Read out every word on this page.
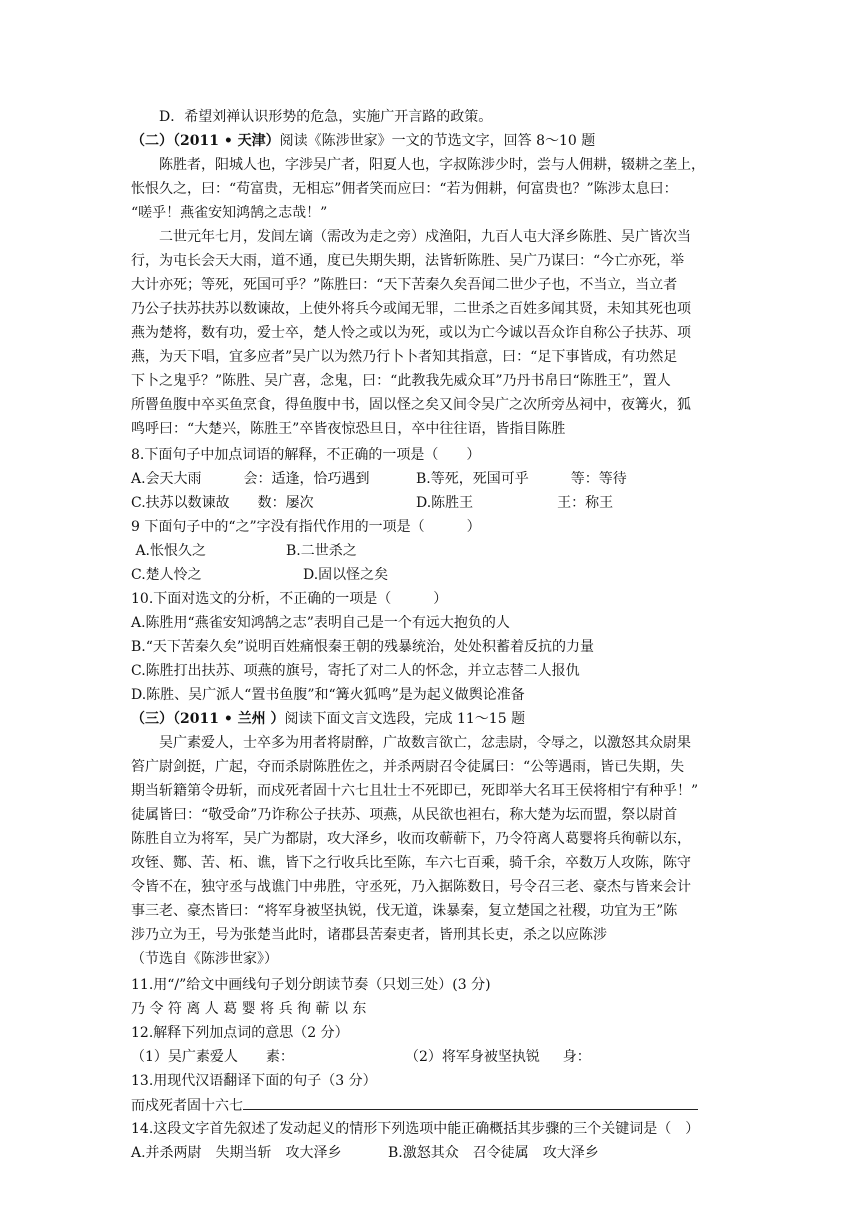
D．希望刘禅认识形势的危急，实施广开言路的政策。
（二）（2011 • 天津）阅读《陈涉世家》一文的节选文字，回答 8～10 题
陈胜者，阳城人也，字涉吴广者，阳夏人也，字叔陈涉少时，尝与人佣耕，辍耕之垄上，
怅恨久之，曰：“苟富贵，无相忘”佣者笑而应曰：“若为佣耕，何富贵也？”陈涉太息曰：
“嗟乎！燕雀安知鸿鹄之志哉！”
二世元年七月，发闾左谪（需改为走之旁）戍渔阳，九百人屯大泽乡陈胜、吴广皆次当
行，为屯长会天大雨，道不通，度已失期失期，法皆斩陈胜、吴广乃谋曰：“今亡亦死，举
大计亦死；等死，死国可乎？”陈胜曰：“天下苦秦久矣吾闻二世少子也，不当立，当立者
乃公子扶苏扶苏以数谏故，上使外将兵今或闻无罪，二世杀之百姓多闻其贤，未知其死也项
燕为楚将，数有功，爱士卒，楚人怜之或以为死，或以为亡今诚以吾众诈自称公子扶苏、项
燕，为天下唱，宜多应者”吴广以为然乃行卜卜者知其指意，曰：“足下事皆成，有功然足
下卜之鬼乎？”陈胜、吴广喜，念鬼，曰：“此教我先威众耳”乃丹书帛曰“陈胜王”，置人
所罾鱼腹中卒买鱼烹食，得鱼腹中书，固以怪之矣又间令吴广之次所旁丛祠中，夜篝火，狐
鸣呼曰：“大楚兴，陈胜王”卒皆夜惊恐旦日，卒中往往语，皆指目陈胜
8.下面句子中加点词语的解释，不正确的一项是（　　）
A.会天大雨　　　会：适逢，恰巧遇到	B.等死，死国可乎　　　等：等待
C.扶苏以数谏故　　数：屡次	D.陈胜王　　　　　　王：称王
9 下面句子中的“之”字没有指代作用的一项是（　　　）
A.怅恨久之	B.二世杀之
C.楚人怜之	D.固以怪之矣
10.下面对选文的分析，不正确的一项是（　　　）
A.陈胜用“燕雀安知鸿鹄之志”表明自己是一个有远大抱负的人
B.“天下苦秦久矣”说明百姓痛恨秦王朝的残暴统治，处处积蓄着反抗的力量
C.陈胜打出扶苏、项燕的旗号，寄托了对二人的怀念，并立志替二人报仇
D.陈胜、吴广派人“置书鱼腹”和“篝火狐鸣”是为起义做舆论准备
（三）（2011 • 兰州 ）阅读下面文言文选段，完成 11～15 题
吴广素爱人，士卒多为用者将尉醉，广故数言欲亡，忿恚尉，令辱之，以激怒其众尉果
笞广尉剑挺，广起，夺而杀尉陈胜佐之，并杀两尉召令徒属曰：“公等遇雨，皆已失期，失
期当斩籍第令毋斩，而戍死者固十六七且壮士不死即已，死即举大名耳王侯将相宁有种乎！”
徒属皆曰：“敬受命”乃诈称公子扶苏、项燕，从民欲也袒右，称大楚为坛而盟，祭以尉首
陈胜自立为将军，吴广为都尉，攻大泽乡，收而攻蕲蕲下，乃令符离人葛婴将兵徇蕲以东，
攻铚、酂、苦、柘、谯，皆下之行收兵比至陈，车六七百乘，骑千余，卒数万人攻陈，陈守
令皆不在，独守丞与战谯门中弗胜，守丞死，乃入据陈数日，号令召三老、豪杰与皆来会计
事三老、豪杰皆曰：“将军身被坚执锐，伐无道，诛暴秦，复立楚国之社稷，功宜为王”陈
涉乃立为王，号为张楚当此时，诸郡县苦秦吏者，皆刑其长吏，杀之以应陈涉
（节选自《陈涉世家》）
11.用“/”给文中画线句子划分朗读节奏（只划三处）(3 分)
乃 令 符 离 人 葛 婴 将 兵 徇 蕲 以 东
12.解释下列加点词的意思（2 分）
（1）吴广素爱人　　素：	（2）将军身被坚执锐　  身：
13.用现代汉语翻译下面的句子（3 分）
而戍死者固十六七
14.这段文字首先叙述了发动起义的情形下列选项中能正确概括其步骤的三个关键词是（　）
A.并杀两尉　失期当斩　攻大泽乡	B.激怒其众　召令徒属　攻大泽乡
